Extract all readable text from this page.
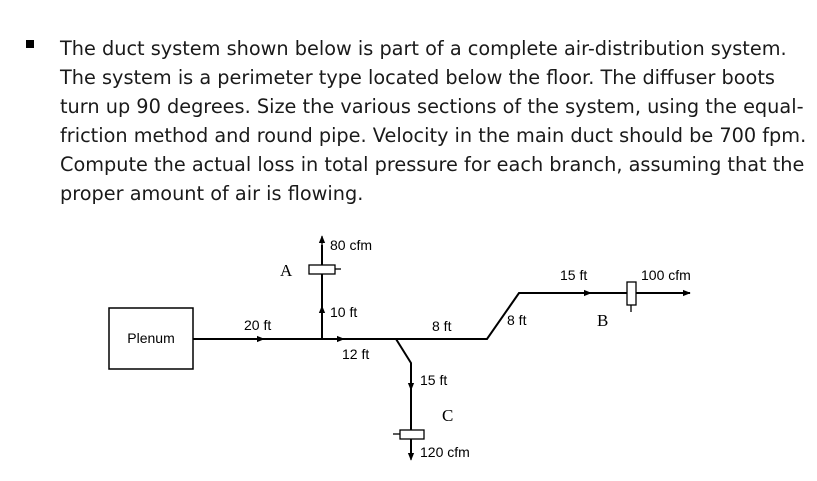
The duct system shown below is part of a complete air-distribution system. The system is a perimeter type located below the floor. The diffuser boots turn up 90 degrees. Size the various sections of the system, using the equal-friction method and round pipe. Velocity in the main duct should be 700 fpm. Compute the actual loss in total pressure for each branch, assuming that the proper amount of air is flowing.

Plenum
A
B
C
80 cfm
100 cfm
120 cfm
20 ft
10 ft
12 ft
8 ft	8 ft
15 ft
15 ft
